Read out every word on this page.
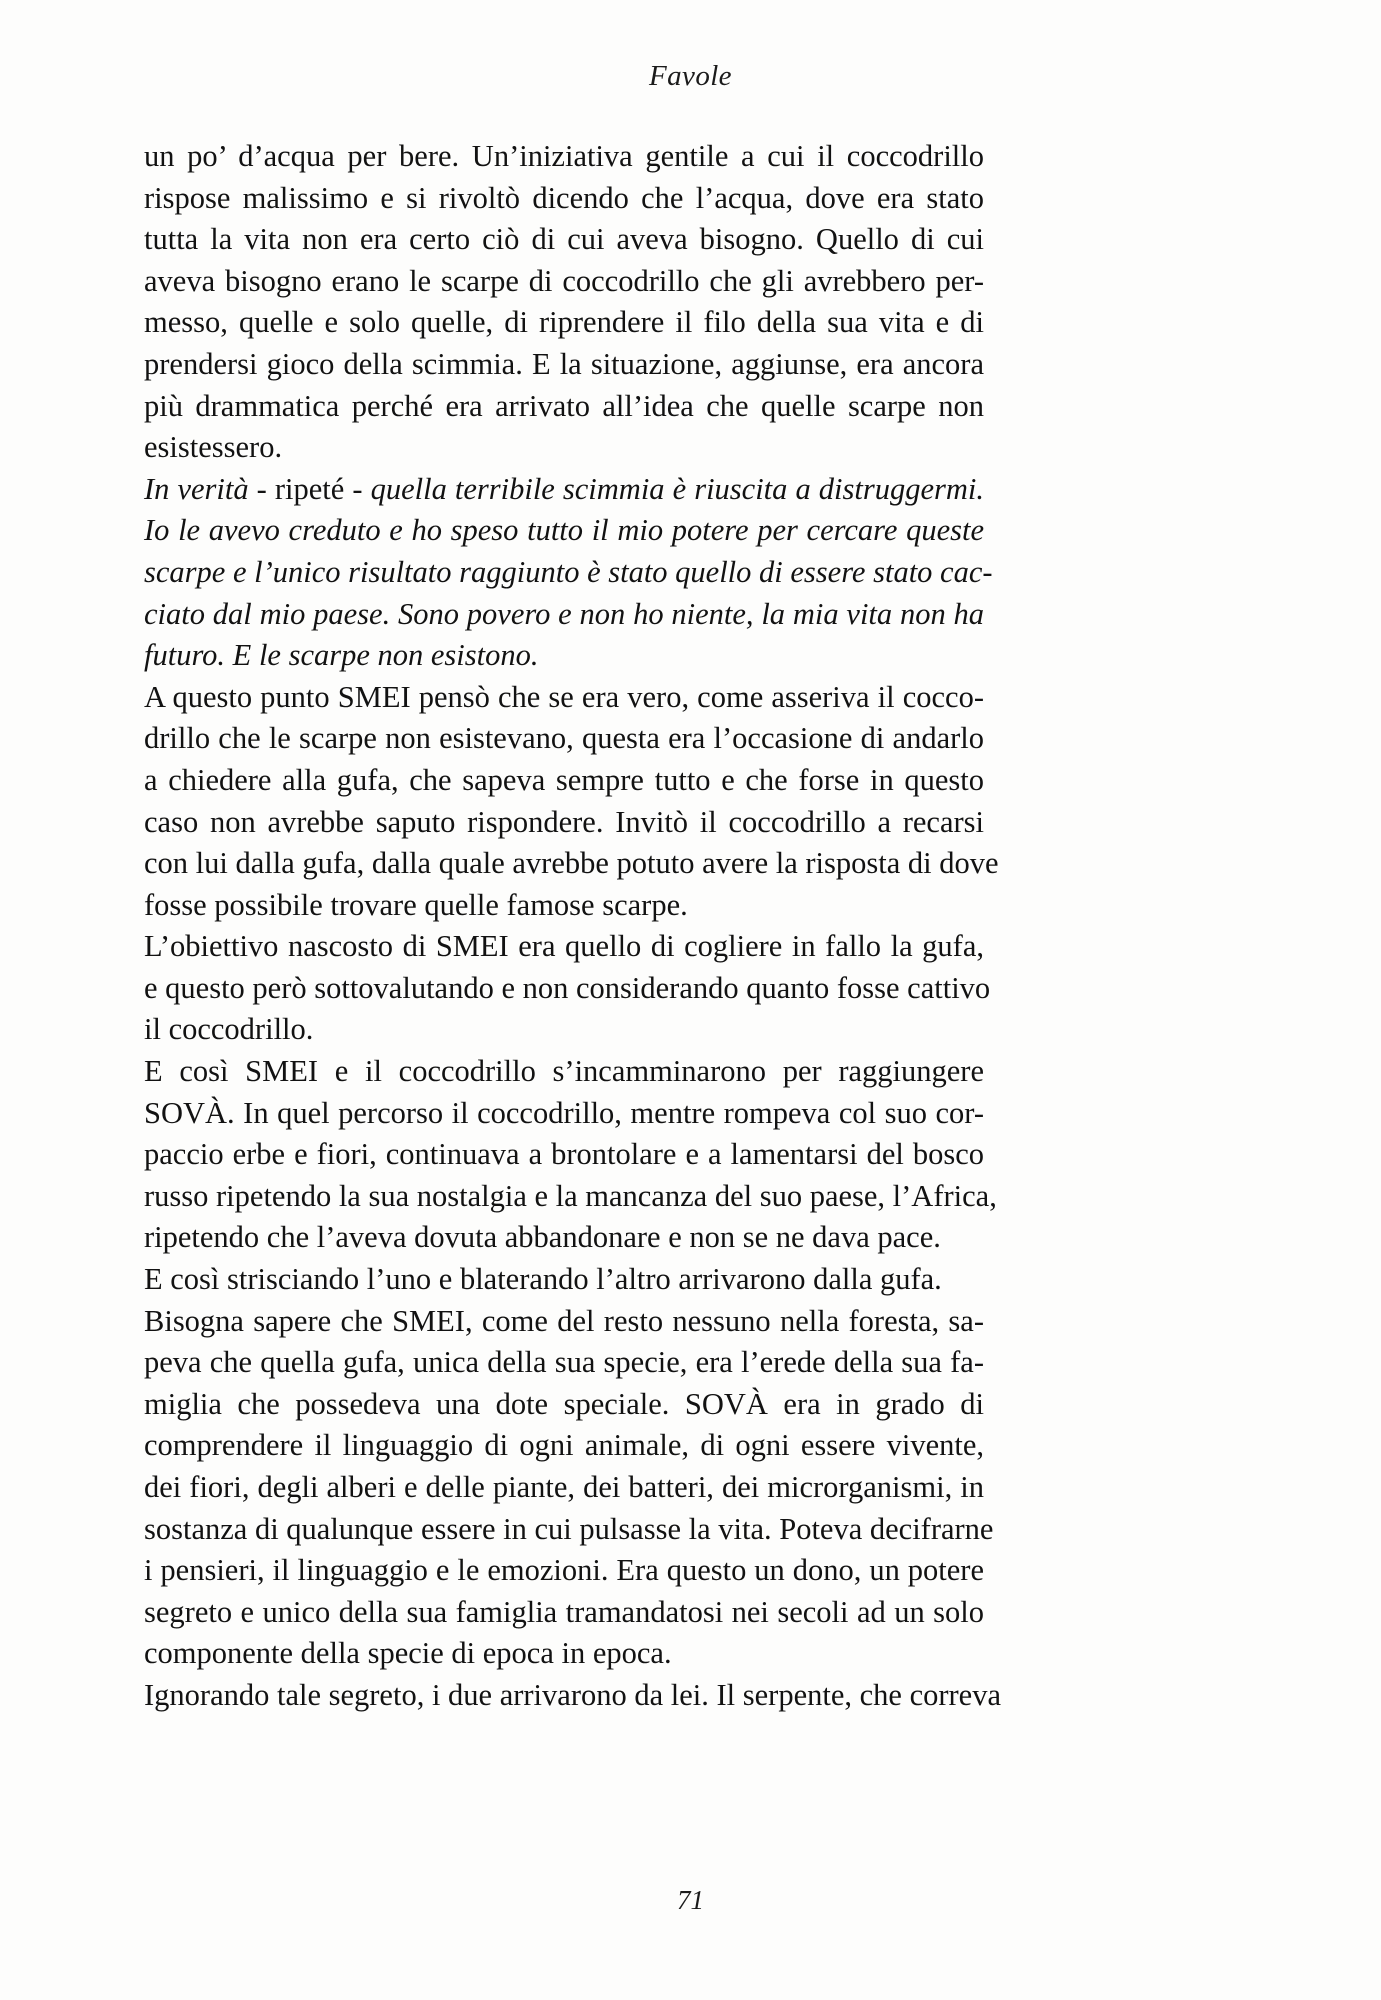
Favole

un po’ d’acqua per bere. Un’iniziativa gentile a cui il coccodrillo rispose malissimo e si rivoltò dicendo che l’acqua, dove era stato tutta la vita non era certo ciò di cui aveva bisogno. Quello di cui aveva bisogno erano le scarpe di coccodrillo che gli avrebbero per- messo, quelle e solo quelle, di riprendere il filo della sua vita e di prendersi gioco della scimmia. E la situazione, aggiunse, era ancora più drammatica perché era arrivato all’idea che quelle scarpe non esistessero.

In verità - ripeté - quella terribile scimmia è riuscita a distruggermi. Io le avevo creduto e ho speso tutto il mio potere per cercare queste scarpe e l’unico risultato raggiunto è stato quello di essere stato cac- ciato dal mio paese. Sono povero e non ho niente, la mia vita non ha futuro. E le scarpe non esistono.

A questo punto SMEI pensò che se era vero, come asseriva il cocco- drillo che le scarpe non esistevano, questa era l’occasione di andarlo a chiedere alla gufa, che sapeva sempre tutto e che forse in questo caso non avrebbe saputo rispondere. Invitò il coccodrillo a recarsi con lui dalla gufa, dalla quale avrebbe potuto avere la risposta di dove fosse possibile trovare quelle famose scarpe.

L’obiettivo nascosto di SMEI era quello di cogliere in fallo la gufa, e questo però sottovalutando e non considerando quanto fosse cattivo il coccodrillo.

E così SMEI e il coccodrillo s’incamminarono per raggiungere SOVÀ. In quel percorso il coccodrillo, mentre rompeva col suo cor- paccio erbe e fiori, continuava a brontolare e a lamentarsi del bosco russo ripetendo la sua nostalgia e la mancanza del suo paese, l’Africa, ripetendo che l’aveva dovuta abbandonare e non se ne dava pace.

E così strisciando l’uno e blaterando l’altro arrivarono dalla gufa.

Bisogna sapere che SMEI, come del resto nessuno nella foresta, sa- peva che quella gufa, unica della sua specie, era l’erede della sua fa- miglia che possedeva una dote speciale. SOVÀ era in grado di comprendere il linguaggio di ogni animale, di ogni essere vivente, dei fiori, degli alberi e delle piante, dei batteri, dei microrganismi, in sostanza di qualunque essere in cui pulsasse la vita. Poteva decifrarne i pensieri, il linguaggio e le emozioni. Era questo un dono, un potere segreto e unico della sua famiglia tramandatosi nei secoli ad un solo componente della specie di epoca in epoca.

Ignorando tale segreto, i due arrivarono da lei. Il serpente, che correva

71
